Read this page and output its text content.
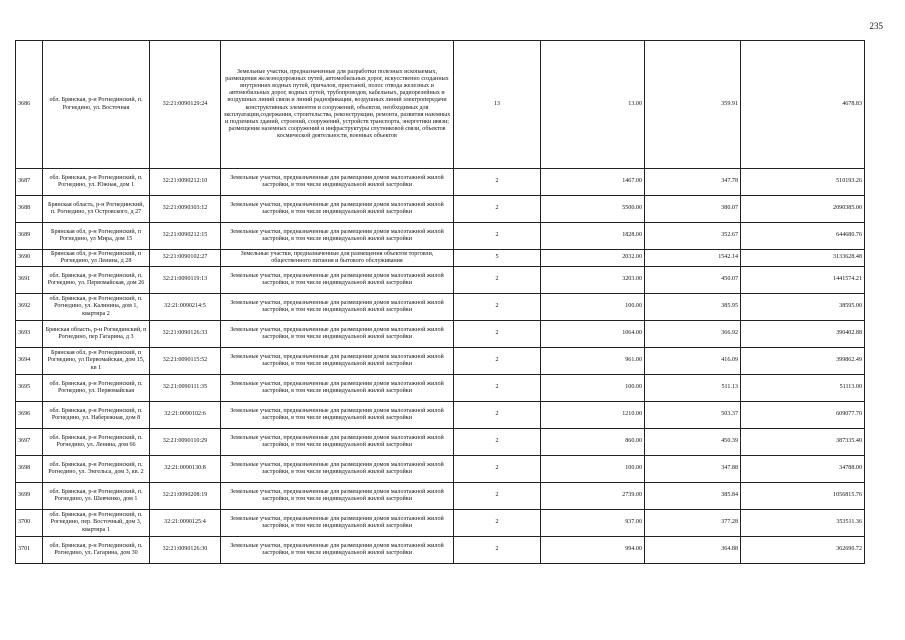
235
3686	обл. Брянская, р-н Рогнединский, п. Рогнедино, ул. Восточная	32:21:0090129:24	Земельные участки, предназначенные для разработки полезных ископаемых, размещения железнодорожных путей, автомобильных дорог, искусственно созданных внутренних водных путей, причалов, пристаней, полос отвода железных и автомобильных дорог, водных путей, трубопроводов, кабельных, радиорелейных и воздушных линий связи и линий радиофикации, воздушных линий электропередачи конструктивных элементов и сооружений, объектов, необходимых для эксплуатации,содержания, строительства, реконструкции, ремонта, развития наземных и подземных зданий, строений, сооружений, устройств транспорта, энергетики ивязи; размещения наземных сооружений и инфраструктуры спутниковой связи, объектов космической деятельности, военных объектов	13	13.00	359.91	4678.83
3687	обл. Брянская, р-н Рогнединский, п. Рогнедино, ул. Южная, дом 1	32:21:0090212:10	Земельные участки, предназначенные для размещения домов малоэтажной жилой застройки, в том числе индивидуальной жилой застройки	2	1467.00	347.78	510193.26
3688	Брянская область, р-н Рогнединский, п. Рогнедино, ул Островского, д 27	32:21:0090303:12	Земельные участки, предназначенные для размещения домов малоэтажной жилой застройки, в том числе индивидуальной жилой застройки	2	5500.00	380.07	2090385.00
3689	Брянская обл, р-н Рогнединский, п Рогнедино, ул Мира, дом 15	32:21:0090212:15	Земельные участки, предназначенные для размещения домов малоэтажной жилой застройки, в том числе индивидуальной жилой застройки	2	1828.00	352.67	644680.76
3690	Брянская обл, р-н Рогнединский, п Рогнедино, ул Ленина, д 28	32:21:0090102:27	Земельные участки, предназначенные для размещения объектов торговли, общественного питания и бытового обслуживания	5	2032.00	1542.14	3133628.48
3691	обл. Брянская, р-н Рогнединский, п. Рогнедино, ул. Первомайская, дом 26	32:21:0090119:13	Земельные участки, предназначенные для размещения домов малоэтажной жилой застройки, в том числе индивидуальной жилой застройки	2	3203.00	450.07	1441574.21
3692	обл. Брянская, р-н Рогнединский, п. Рогнедино, ул. Калинина, дом 1, квартира 2	32:21:0090214:5	Земельные участки, предназначенные для размещения домов малоэтажной жилой застройки, в том числе индивидуальной жилой застройки	2	100.00	385.95	38595.00
3693	Брянская область, р-н Рогнединский, п Рогнедино, пер Гагарина, д 3	32:21:0090126:33	Земельные участки, предназначенные для размещения домов малоэтажной жилой застройки, в том числе индивидуальной жилой застройки	2	1064.00	366.92	390402.88
3694	Брянская обл, р-н Рогнединский, п Рогнедино, ул Первомайская, дом 15, кв 1	32:21:0090115:52	Земельные участки, предназначенные для размещения домов малоэтажной жилой застройки, в том числе индивидуальной жилой застройки	2	961.00	416.09	399862.49
3695	обл. Брянская, р-н Рогнединский, п. Рогнедино, ул. Первомайская	32:21:0090111:35	Земельные участки, предназначенные для размещения домов малоэтажной жилой застройки, в том числе индивидуальной жилой застройки	2	100.00	511.13	51113.00
3696	обл. Брянская, р-н Рогнединский, п. Рогнедино, ул. Набережная, дом 8	32:21:0090102:6	Земельные участки, предназначенные для размещения домов малоэтажной жилой застройки, в том числе индивидуальной жилой застройки	2	1210.00	503.37	609077.70
3697	обл. Брянская, р-н Рогнединский, п. Рогнедино, ул. Ленина, дом 66	32:21:0090110:29	Земельные участки, предназначенные для размещения домов малоэтажной жилой застройки, в том числе индивидуальной жилой застройки	2	860.00	450.39	387335.40
3698	обл. Брянская, р-н Рогнединский, п. Рогнедино, ул. Энгельса, дом 3, кв. 2	32:21:0090130:8	Земельные участки, предназначенные для размещения домов малоэтажной жилой застройки, в том числе индивидуальной жилой застройки	2	100.00	347.88	34788.00
3699	обл. Брянская, р-н Рогнединский, п. Рогнедино, ул. Шевченко, дом 1	32:21:0090208:19	Земельные участки, предназначенные для размещения домов малоэтажной жилой застройки, в том числе индивидуальной жилой застройки	2	2739.00	385.84	1056815.76
3700	обл. Брянская, р-н Рогнединский, п. Рогнедино, пер. Восточный, дом 3, квартира 1	32:21:0090125:4	Земельные участки, предназначенные для размещения домов малоэтажной жилой застройки, в том числе индивидуальной жилой застройки	2	937.00	377.28	353511.36
3701	обл. Брянская, р-н Рогнединский, п. Рогнедино, ул. Гагарина, дом 30	32:21:0090126:30	Земельные участки, предназначенные для размещения домов малоэтажной жилой застройки, в том числе индивидуальной жилой застройки	2	994.00	364.88	362690.72
